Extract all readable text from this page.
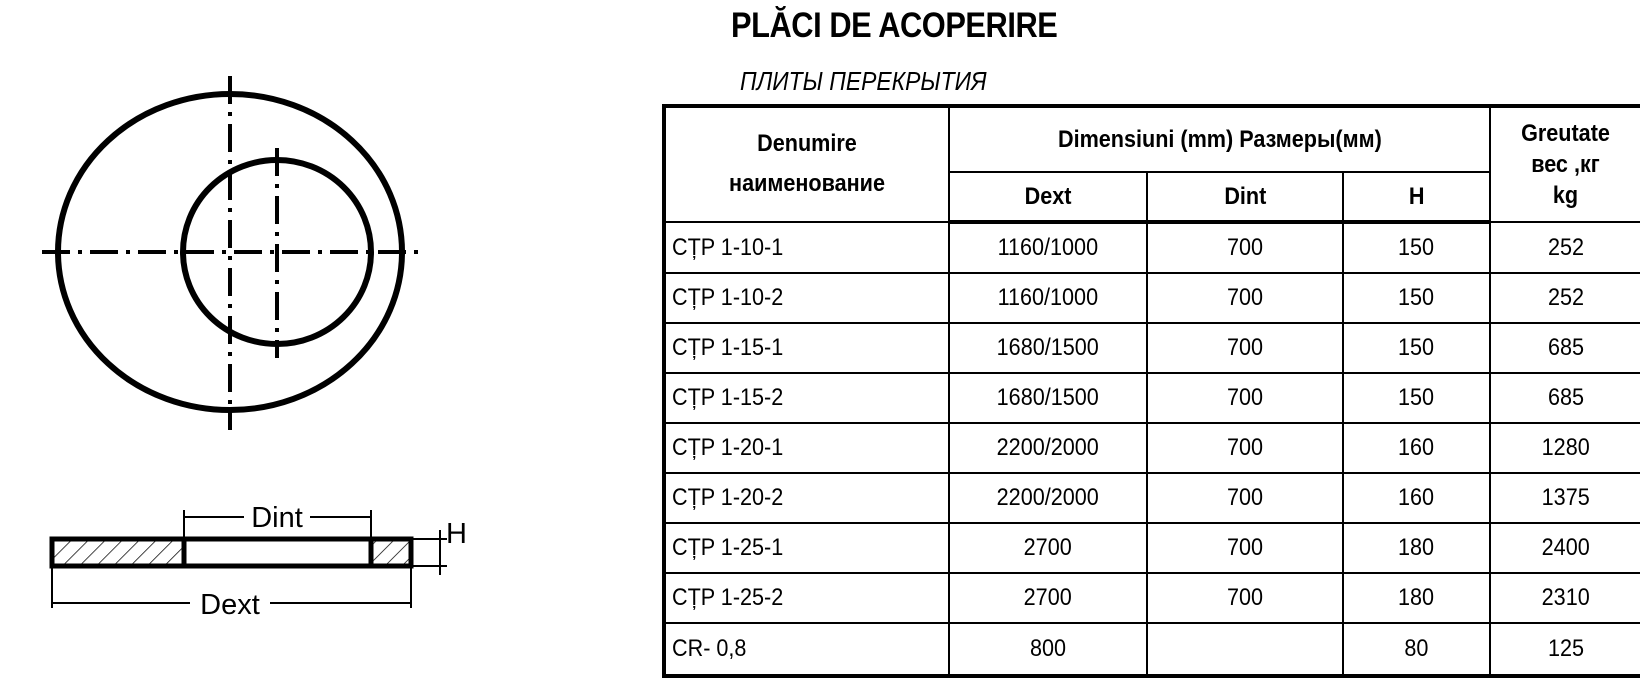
Dint
Dext
H
PLĂCI DE ACOPERIRE
ПЛИТЫ ПЕРЕКРЫТИЯ
Denumire
наименование	Dimensiuni (mm) Размеры(мм)			Greutate
вес ,кг
kg

	Dext	Dint	H	
CȚP 1-10-1	1160/1000	700	150	252
CȚP 1-10-2	1160/1000	700	150	252
CȚP 1-15-1	1680/1500	700	150	685
CȚP 1-15-2	1680/1500	700	150	685
CȚP 1-20-1	2200/2000	700	160	1280
CȚP 1-20-2	2200/2000	700	160	1375
CȚP 1-25-1	2700	700	180	2400
CȚP 1-25-2	2700	700	180	2310
CR- 0,8	800		80	125
